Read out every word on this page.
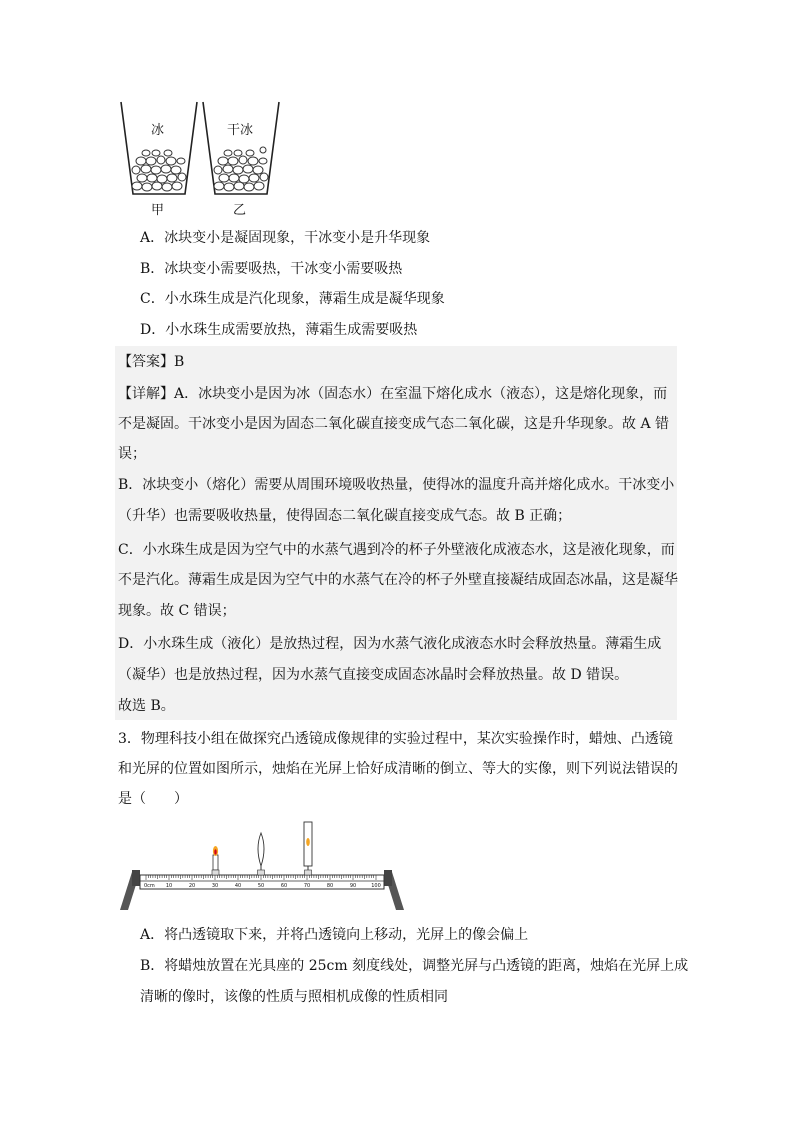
冰	干冰
甲	乙
A．冰块变小是凝固现象，干冰变小是升华现象
B．冰块变小需要吸热，干冰变小需要吸热
C．小水珠生成是汽化现象，薄霜生成是凝华现象
D．小水珠生成需要放热，薄霜生成需要吸热
【答案】B
【详解】A．冰块变小是因为冰（固态水）在室温下熔化成水（液态），这是熔化现象，而
不是凝固。干冰变小是因为固态二氧化碳直接变成气态二氧化碳，这是升华现象。故 A 错
误；
B．冰块变小（熔化）需要从周围环境吸收热量，使得冰的温度升高并熔化成水。干冰变小
（升华）也需要吸收热量，使得固态二氧化碳直接变成气态。故 B 正确；
C．小水珠生成是因为空气中的水蒸气遇到冷的杯子外壁液化成液态水，这是液化现象，而
不是汽化。薄霜生成是因为空气中的水蒸气在冷的杯子外壁直接凝结成固态冰晶，这是凝华
现象。故 C 错误；
D．小水珠生成（液化）是放热过程，因为水蒸气液化成液态水时会释放热量。薄霜生成
（凝华）也是放热过程，因为水蒸气直接变成固态冰晶时会释放热量。故 D 错误。
故选 B。
3．物理科技小组在做探究凸透镜成像规律的实验过程中，某次实验操作时，蜡烛、凸透镜
和光屏的位置如图所示，烛焰在光屏上恰好成清晰的倒立、等大的实像，则下列说法错误的
是（　　）
0cm 10	20	30	40	50	60	70	80	90	100
A．将凸透镜取下来，并将凸透镜向上移动，光屏上的像会偏上
B．将蜡烛放置在光具座的 25cm 刻度线处，调整光屏与凸透镜的距离，烛焰在光屏上成
清晰的像时，该像的性质与照相机成像的性质相同
